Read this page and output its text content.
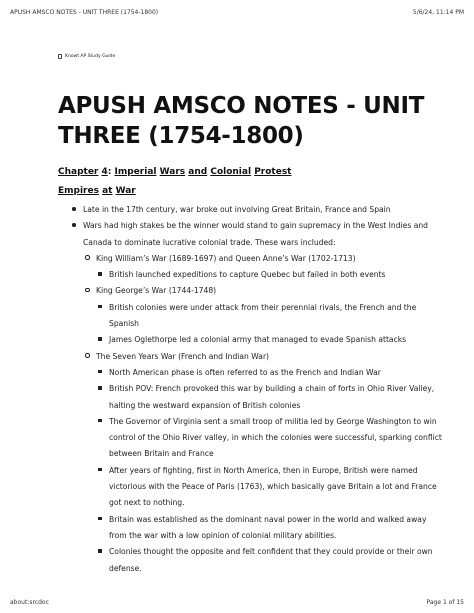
APUSH AMSCO NOTES - UNIT THREE (1754-1800)	5/6/24, 11:14 PM
Knowt AP Study Guide
APUSH AMSCO NOTES - UNIT
THREE (1754-1800)
Chapter 4: Imperial Wars and Colonial Protest
Empires at War
Late in the 17th century, war broke out involving Great Britain, France and Spain
Wars had high stakes be the winner would stand to gain supremacy in the West Indies and Canada to dominate lucrative colonial trade. These wars included:
King William’s War (1689-1697) and Queen Anne’s War (1702-1713)
British launched expeditions to capture Quebec but failed in both events
King George’s War (1744-1748)
British colonies were under attack from their perennial rivals, the French and the Spanish
James Oglethorpe led a colonial army that managed to evade Spanish attacks
The Seven Years War (French and Indian War)
North American phase is often referred to as the French and Indian War
British POV: French provoked this war by building a chain of forts in Ohio River Valley, halting the westward expansion of British colonies
The Governor of Virginia sent a small troop of militia led by George Washington to win control of the Ohio River valley, in which the colonies were successful, sparking conflict between Britain and France
After years of fighting, first in North America, then in Europe, British were named victorious with the Peace of Paris (1763), which basically gave Britain a lot and France got next to nothing.
Britain was established as the dominant naval power in the world and walked away from the war with a low opinion of colonial military abilities.
Colonies thought the opposite and felt confident that they could provide or their own defense.
about:srcdoc	Page 1 of 15
